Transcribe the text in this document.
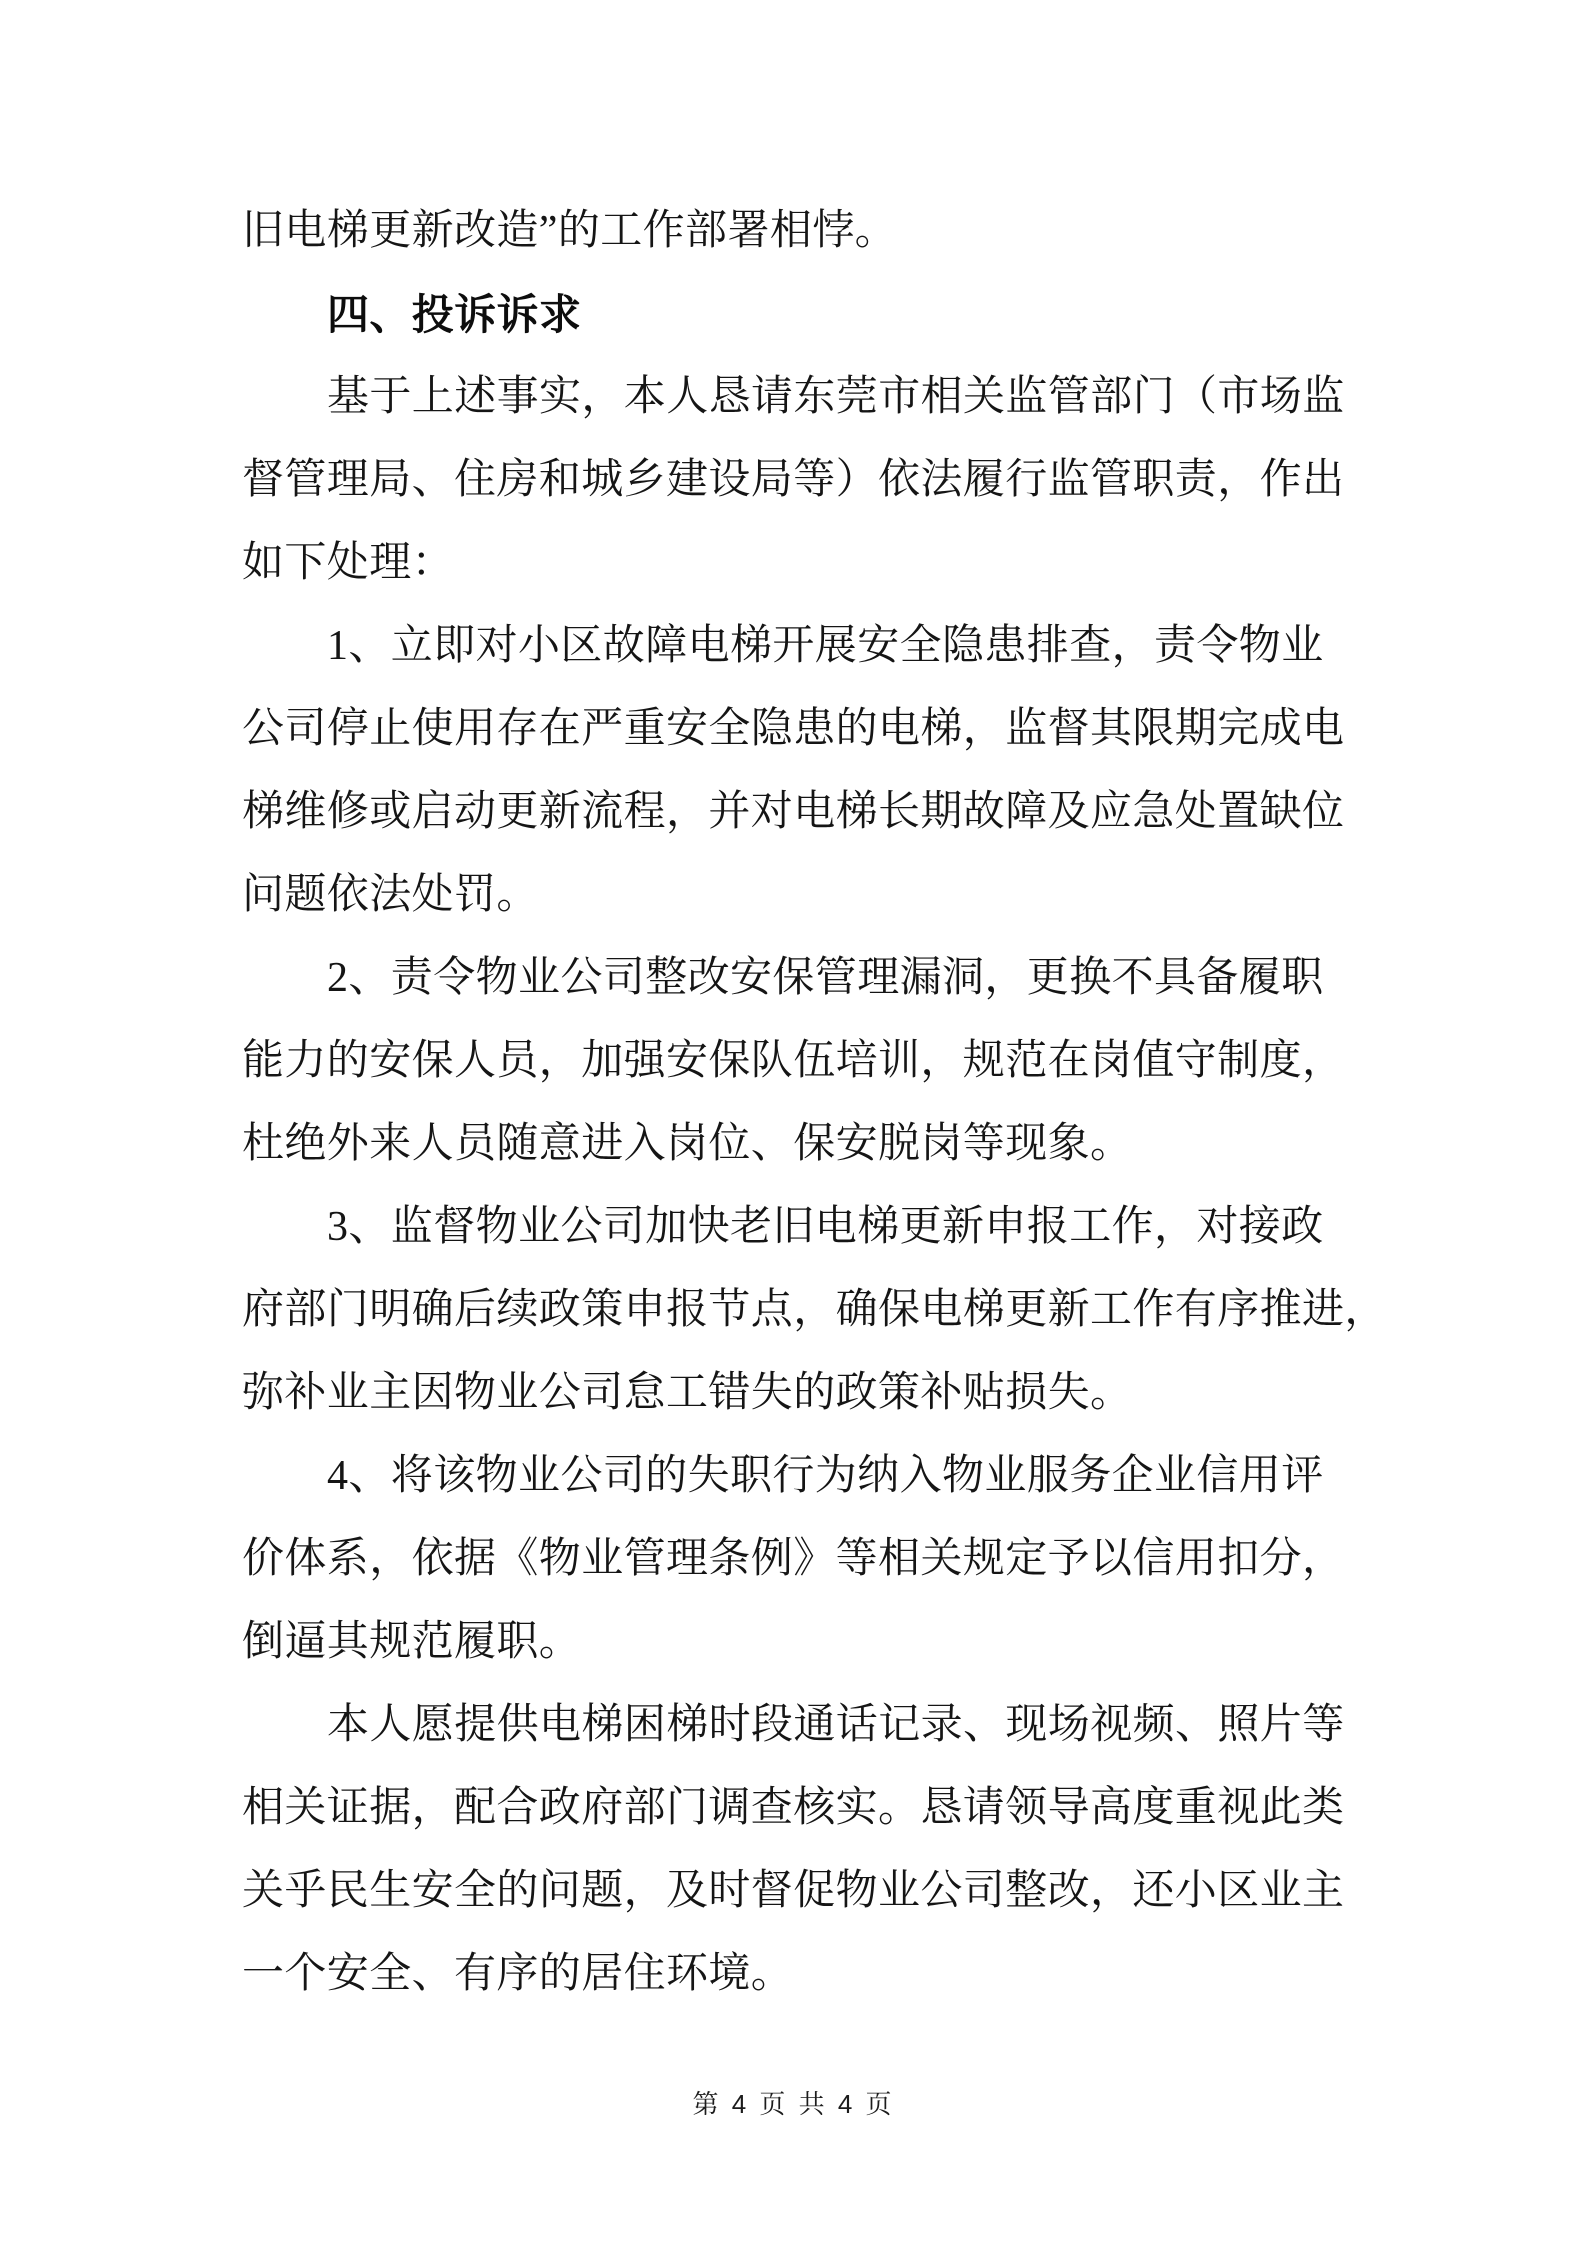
旧电梯更新改造”的工作部署相悖。
四、投诉诉求
基于上述事实，本人恳请东莞市相关监管部门（市场监
督管理局、住房和城乡建设局等）依法履行监管职责，作出
如下处理：
1、立即对小区故障电梯开展安全隐患排查，责令物业
公司停止使用存在严重安全隐患的电梯，监督其限期完成电
梯维修或启动更新流程，并对电梯长期故障及应急处置缺位
问题依法处罚。
2、责令物业公司整改安保管理漏洞，更换不具备履职
能力的安保人员，加强安保队伍培训，规范在岗值守制度，
杜绝外来人员随意进入岗位、保安脱岗等现象。
3、监督物业公司加快老旧电梯更新申报工作，对接政
府部门明确后续政策申报节点，确保电梯更新工作有序推进，
弥补业主因物业公司怠工错失的政策补贴损失。
4、将该物业公司的失职行为纳入物业服务企业信用评
价体系，依据《物业管理条例》等相关规定予以信用扣分，
倒逼其规范履职。
本人愿提供电梯困梯时段通话记录、现场视频、照片等
相关证据，配合政府部门调查核实。恳请领导高度重视此类
关乎民生安全的问题，及时督促物业公司整改，还小区业主
一个安全、有序的居住环境。
第 4 页 共 4 页
